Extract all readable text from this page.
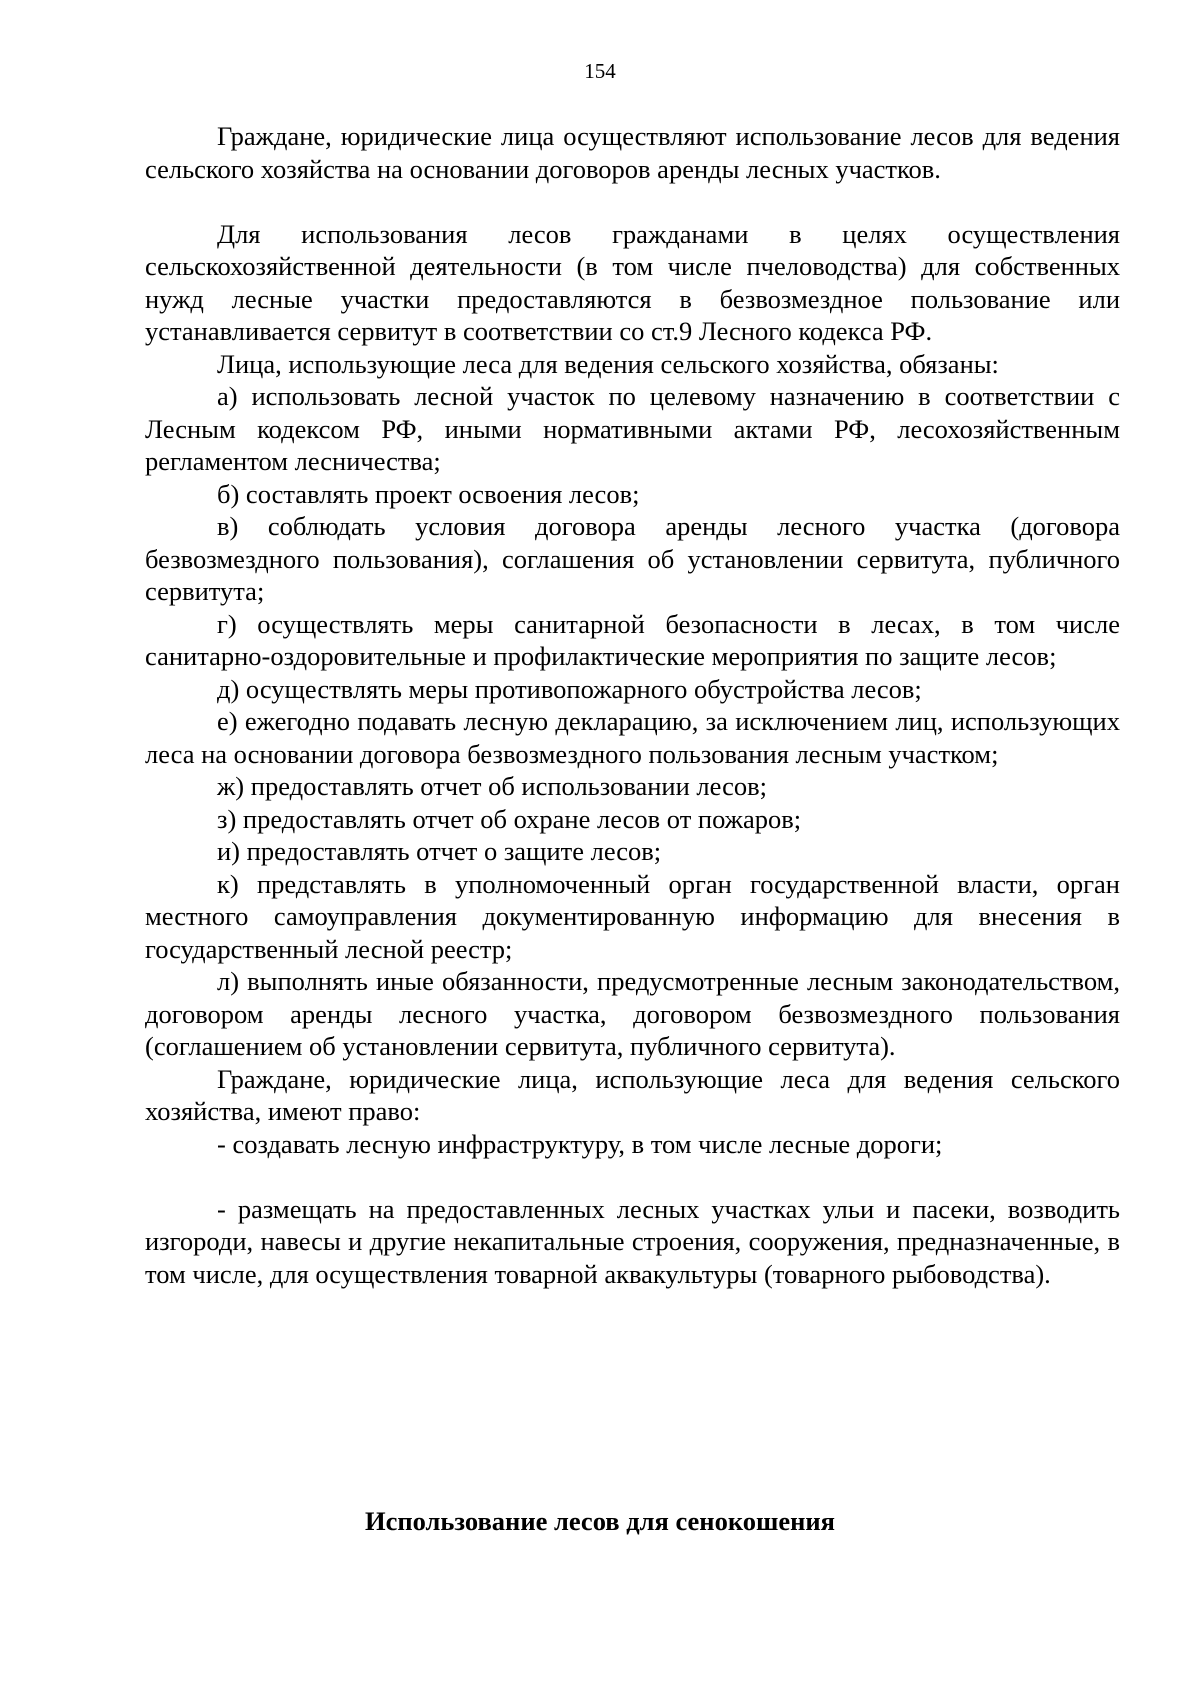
154

Граждане, юридические лица осуществляют использование лесов для ведения сельского хозяйства на основании договоров аренды лесных участков.

Для использования лесов гражданами в целях осуществления сельскохозяйственной деятельности (в том числе пчеловодства) для собственных нужд лесные участки предоставляются в безвозмездное пользование или устанавливается сервитут в соответствии со ст.9 Лесного кодекса РФ.

Лица, использующие леса для ведения сельского хозяйства, обязаны:

а) использовать лесной участок по целевому назначению в соответствии с Лесным кодексом РФ, иными нормативными актами РФ, лесохозяйственным регламентом лесничества;

б) составлять проект освоения лесов;

в) соблюдать условия договора аренды лесного участка (договора безвозмездного пользования), соглашения об установлении сервитута, публичного сервитута;

г) осуществлять меры санитарной безопасности в лесах, в том числе санитарно-оздоровительные и профилактические мероприятия по защите лесов;

д) осуществлять меры противопожарного обустройства лесов;

е) ежегодно подавать лесную декларацию, за исключением лиц, использующих леса на основании договора безвозмездного пользования лесным участком;

ж) предоставлять отчет об использовании лесов;

з) предоставлять отчет об охране лесов от пожаров;

и) предоставлять отчет о защите лесов;

к) представлять в уполномоченный орган государственной власти, орган местного самоуправления документированную информацию для внесения в государственный лесной реестр;

л) выполнять иные обязанности, предусмотренные лесным законодательством, договором аренды лесного участка, договором безвозмездного пользования (соглашением об установлении сервитута, публичного сервитута).

Граждане, юридические лица, использующие леса для ведения сельского хозяйства, имеют право:

- создавать лесную инфраструктуру, в том числе лесные дороги;

- размещать на предоставленных лесных участках ульи и пасеки, возводить изгороди, навесы и другие некапитальные строения, сооружения, предназначенные, в том числе, для осуществления товарной аквакультуры (товарного рыбоводства).

Использование лесов для сенокошения
